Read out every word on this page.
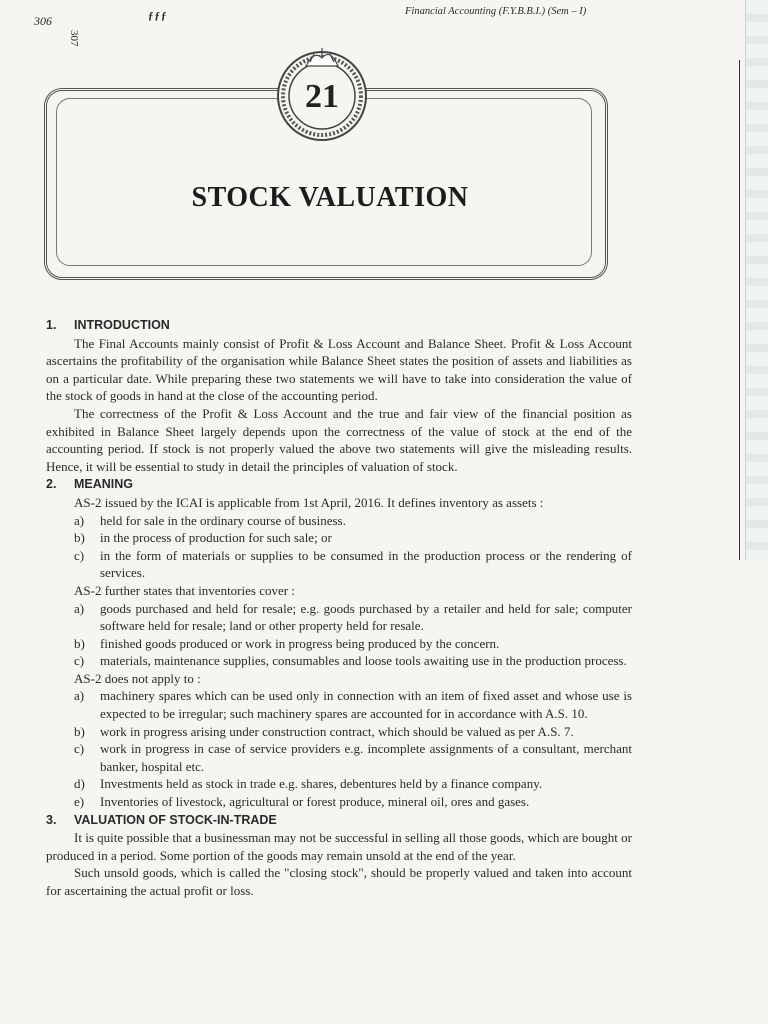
306
307
ƒƒƒ	Financial Accounting (F.Y.B.B.I.) (Sem – I)
21
STOCK VALUATION
1.	INTRODUCTION

The Final Accounts mainly consist of Profit & Loss Account and Balance Sheet. Profit & Loss Account ascertains the profitability of the organisation while Balance Sheet states the position of assets and liabilities as on a particular date. While preparing these two statements we will have to take into consideration the value of the stock of goods in hand at the close of the accounting period.

The correctness of the Profit & Loss Account and the true and fair view of the financial position as exhibited in Balance Sheet largely depends upon the correctness of the value of stock at the end of the accounting period. If stock is not properly valued the above two statements will give the misleading results. Hence, it will be essential to study in detail the principles of valuation of stock.

2.	MEANING

AS-2 issued by the ICAI is applicable from 1st April, 2016. It defines inventory as assets :

a)	held for sale in the ordinary course of business.
b)	in the process of production for such sale; or
c)	in the form of materials or supplies to be consumed in the production process or the rendering of services.

AS-2 further states that inventories cover :

a)	goods purchased and held for resale; e.g. goods purchased by a retailer and held for sale; computer software held for resale; land or other property held for resale.
b)	finished goods produced or work in progress being produced by the concern.
c)	materials, maintenance supplies, consumables and loose tools awaiting use in the production process.

AS-2 does not apply to :

a)	machinery spares which can be used only in connection with an item of fixed asset and whose use is expected to be irregular; such machinery spares are accounted for in accordance with A.S. 10.
b)	work in progress arising under construction contract, which should be valued as per A.S. 7.
c)	work in progress in case of service providers e.g. incomplete assignments of a consultant, merchant banker, hospital etc.
d)	Investments held as stock in trade e.g. shares, debentures held by a finance company.
e)	Inventories of livestock, agricultural or forest produce, mineral oil, ores and gases.
3.	VALUATION OF STOCK-IN-TRADE

It is quite possible that a businessman may not be successful in selling all those goods, which are bought or produced in a period. Some portion of the goods may remain unsold at the end of the year.

Such unsold goods, which is called the "closing stock", should be properly valued and taken into account for ascertaining the actual profit or loss.
